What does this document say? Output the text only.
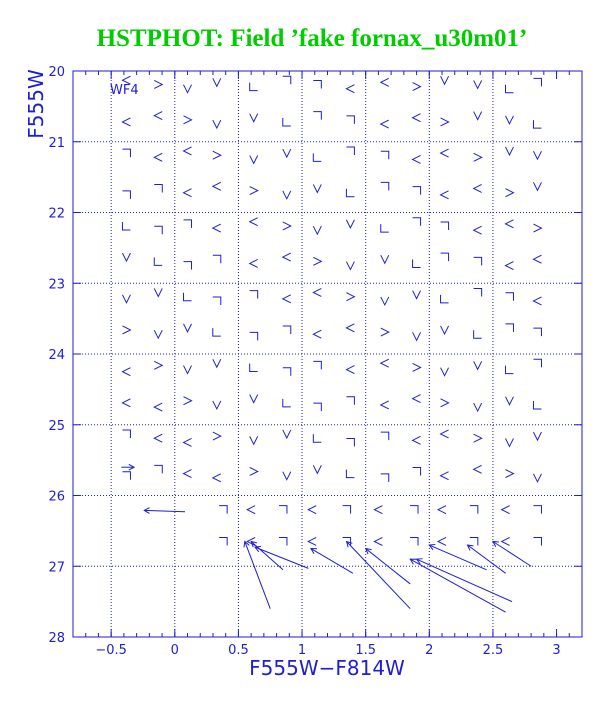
HSTPHOT: Field ’fake fornax_u30m01’
−0.5	0	0.5	1	1.5	2	2.5	3
20
21
22
23
24
25
26
27
28
WF4
F555W−F814W
F555W
